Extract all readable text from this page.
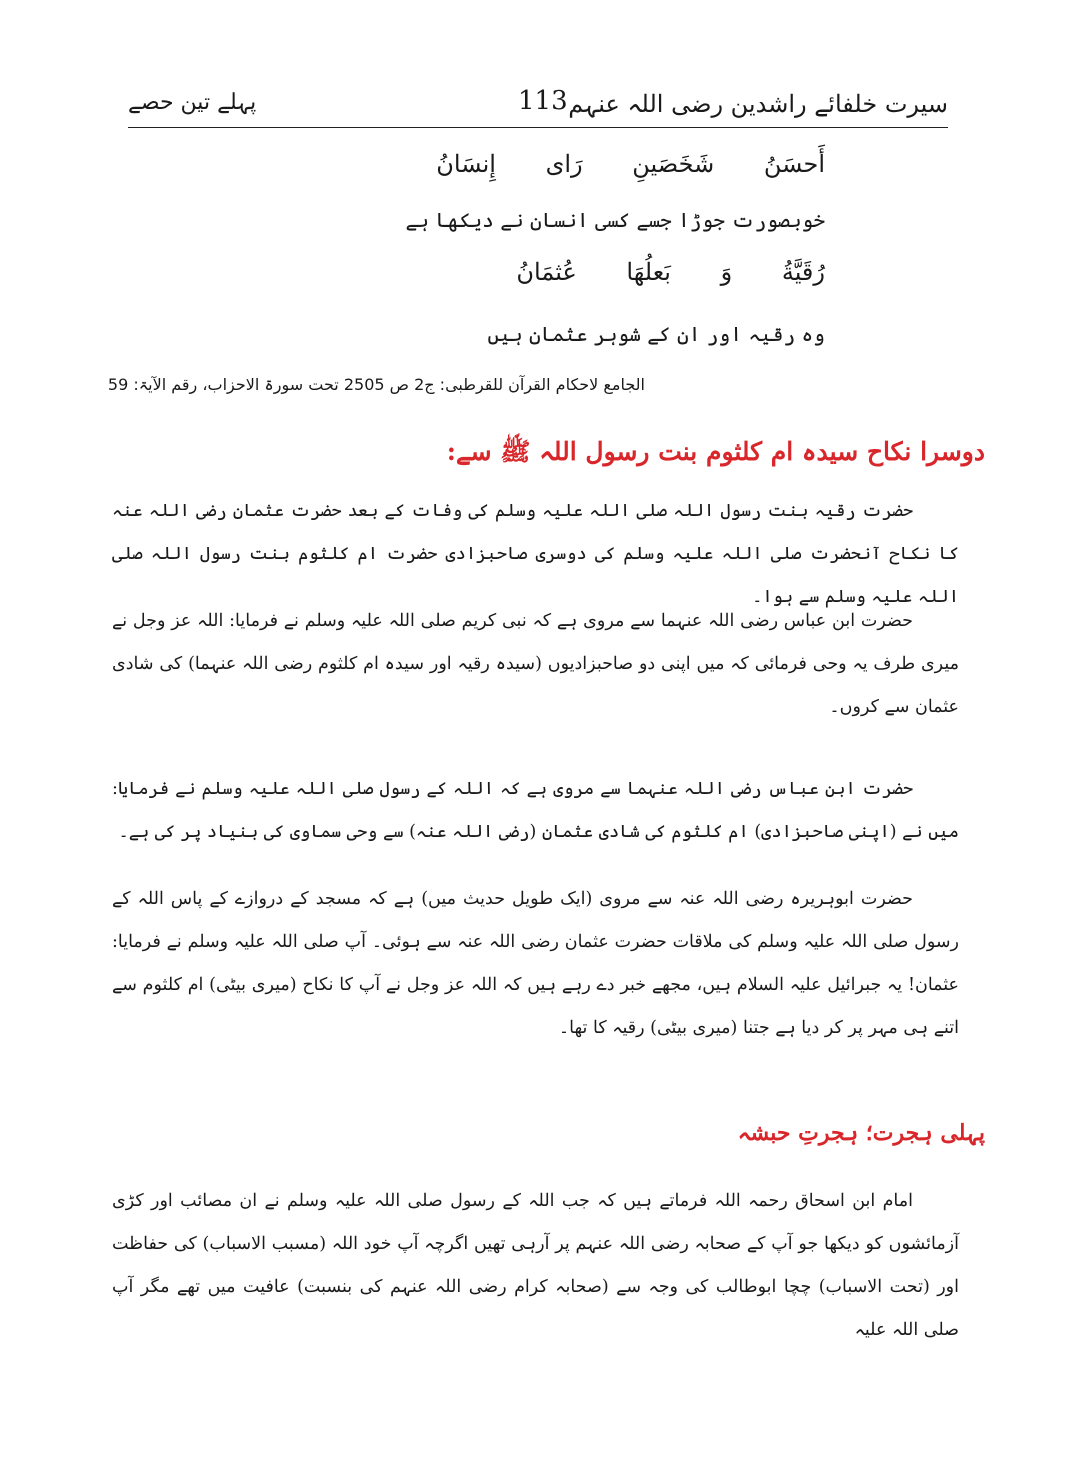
پہلے تین حصے	113 سیرت خلفائے راشدین رضی اللہ عنہم
أَحسَنُ شَخَصَينِ رَاى إِنسَانُ
خوبصورت جوڑا جسے کسی انسان نے دیکھا ہے
رُقَيَّةُ وَ بَعلُهَا عُثمَانُ
وہ رقیہ اور ان کے شوہر عثمان ہیں
الجامع لاحکام القرآن للقرطبی: ج2 ص 2505 تحت سورۃ الاحزاب، رقم الآیۃ: 59
دوسرا نکاح سیدہ ام کلثوم بنت رسول اللہ ﷺ سے:
حضرت رقیہ بنت رسول اللہ صلی اللہ علیہ وسلم کی وفات کے بعد حضرت عثمان رضی اللہ عنہ کا نکاح آنحضرت صلی اللہ علیہ وسلم کی دوسری صاحبزادی حضرت ام کلثوم بنت رسول اللہ صلی اللہ علیہ وسلم سے ہوا۔
حضرت ابن عباس رضی اللہ عنہما سے مروی ہے کہ نبی کریم صلی اللہ علیہ وسلم نے فرمایا: اللہ عز وجل نے میری طرف یہ وحی فرمائی کہ میں اپنی دو صاحبزادیوں (سیدہ رقیہ اور سیدہ ام کلثوم رضی اللہ عنہما) کی شادی عثمان سے کروں۔
حضرت ابن عباس رضی اللہ عنہما سے مروی ہے کہ اللہ کے رسول صلی اللہ علیہ وسلم نے فرمایا: میں نے (اپنی صاحبزادی) ام کلثوم کی شادی عثمان (رضی اللہ عنہ) سے وحی سماوی کی بنیاد پر کی ہے۔
حضرت ابوہریرہ رضی اللہ عنہ سے مروی (ایک طویل حدیث میں) ہے کہ مسجد کے دروازے کے پاس اللہ کے رسول صلی اللہ علیہ وسلم کی ملاقات حضرت عثمان رضی اللہ عنہ سے ہوئی۔ آپ صلی اللہ علیہ وسلم نے فرمایا: عثمان! یہ جبرائیل علیہ السلام ہیں، مجھے خبر دے رہے ہیں کہ اللہ عز وجل نے آپ کا نکاح (میری بیٹی) ام کلثوم سے اتنے ہی مہر پر کر دیا ہے جتنا (میری بیٹی) رقیہ کا تھا۔
پہلی ہجرت؛ ہجرتِ حبشہ
امام ابن اسحاق رحمہ اللہ فرماتے ہیں کہ جب اللہ کے رسول صلی اللہ علیہ وسلم نے ان مصائب اور کڑی آزمائشوں کو دیکھا جو آپ کے صحابہ رضی اللہ عنہم پر آرہی تھیں اگرچہ آپ خود اللہ (مسبب الاسباب) کی حفاظت اور (تحت الاسباب) چچا ابوطالب کی وجہ سے (صحابہ کرام رضی اللہ عنہم کی بنسبت) عافیت میں تھے مگر آپ صلی اللہ علیہ
